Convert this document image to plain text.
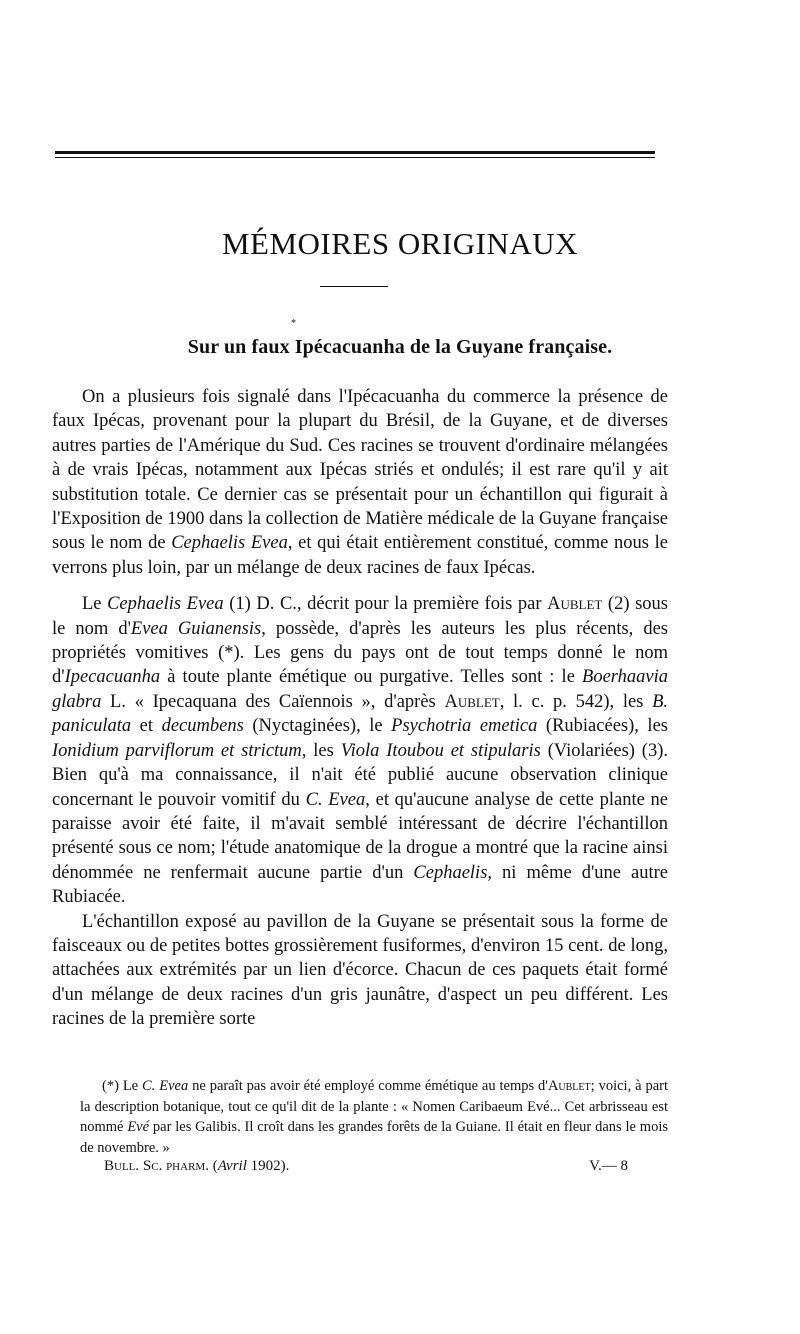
MÉMOIRES ORIGINAUX
*
Sur un faux Ipécacuanha de la Guyane française.

On a plusieurs fois signalé dans l'Ipécacuanha du commerce la présence de faux Ipécas, provenant pour la plupart du Brésil, de la Guyane, et de diverses autres parties de l'Amérique du Sud. Ces racines se trouvent d'ordinaire mélangées à de vrais Ipécas, notamment aux Ipécas striés et ondulés; il est rare qu'il y ait substitution totale. Ce dernier cas se présentait pour un échantillon qui figurait à l'Exposition de 1900 dans la collection de Matière médicale de la Guyane française sous le nom de Cephaelis Evea, et qui était entièrement constitué, comme nous le verrons plus loin, par un mélange de deux racines de faux Ipécas.

Le Cephaelis Evea (1) D. C., décrit pour la première fois par Aublet (2) sous le nom d'Evea Guianensis, possède, d'après les auteurs les plus récents, des propriétés vomitives (*). Les gens du pays ont de tout temps donné le nom d'Ipecacuanha à toute plante émétique ou purgative. Telles sont : le Boerhaavia glabra L. « Ipecaquana des Caïennois », d'après Aublet, l. c. p. 542), les B. paniculata et decumbens (Nyctaginées), le Psychotria emetica (Rubiacées), les Ionidium parviflorum et strictum, les Viola Itoubou et stipularis (Violariées) (3). Bien qu'à ma connaissance, il n'ait été publié aucune observation clinique concernant le pouvoir vomitif du C. Evea, et qu'aucune analyse de cette plante ne paraisse avoir été faite, il m'avait semblé intéressant de décrire l'échantillon présenté sous ce nom; l'étude anatomique de la drogue a montré que la racine ainsi dénommée ne renfermait aucune partie d'un Cephaelis, ni même d'une autre Rubiacée.

L'échantillon exposé au pavillon de la Guyane se présentait sous la forme de faisceaux ou de petites bottes grossièrement fusiformes, d'environ 15 cent. de long, attachées aux extrémités par un lien d'écorce. Chacun de ces paquets était formé d'un mélange de deux racines d'un gris jaunâtre, d'aspect un peu différent. Les racines de la première sorte

(*) Le C. Evea ne paraît pas avoir été employé comme émétique au temps d'Aublet; voici, à part la description botanique, tout ce qu'il dit de la plante : « Nomen Caribaeum Evé... Cet arbrisseau est nommé Evé par les Galibis. Il croît dans les grandes forêts de la Guiane. Il était en fleur dans le mois de novembre. »

Bull. Sc. pharm. (Avril 1902).	V.— 8
